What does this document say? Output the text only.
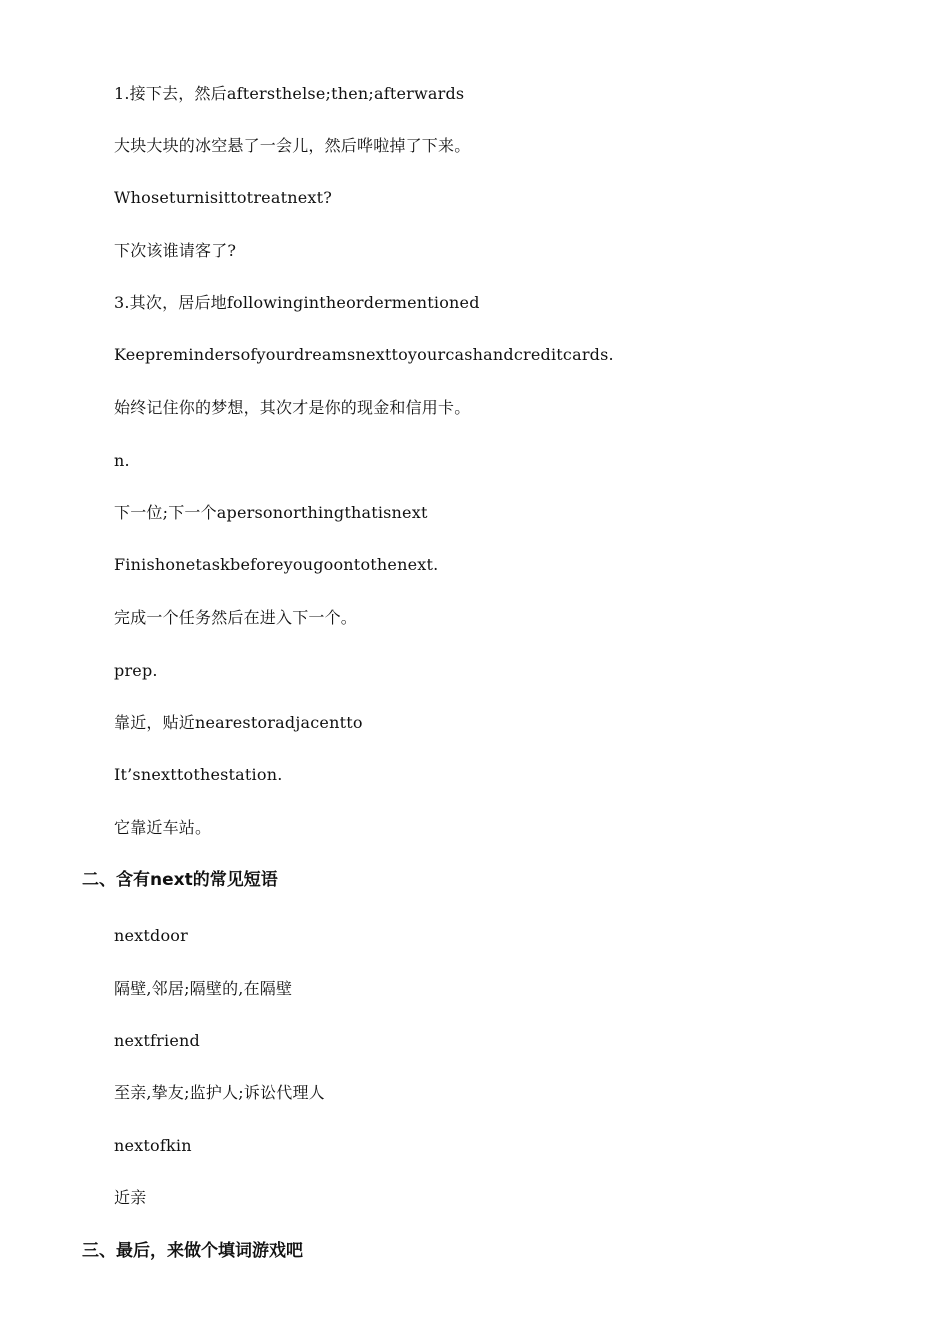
1.接下去，然后aftersthelse;then;afterwards
大块大块的冰空悬了一会儿，然后哗啦掉了下来。
Whoseturnisittotreatnext?
下次该谁请客了?
3.其次，居后地followingintheordermentioned
Keepremindersofyourdreamsnexttoyourcashandcreditcards.
始终记住你的梦想，其次才是你的现金和信用卡。
n.
下一位;下一个apersonorthingthatisnext
Finishonetaskbeforeyougoontothenext.
完成一个任务然后在进入下一个。
prep.
靠近，贴近nearestoradjacentto
It’snexttothestation.
它靠近车站。
二、含有next的常见短语
nextdoor
隔壁,邻居;隔壁的,在隔壁
nextfriend
至亲,挚友;监护人;诉讼代理人
nextofkin
近亲
三、最后，来做个填词游戏吧
